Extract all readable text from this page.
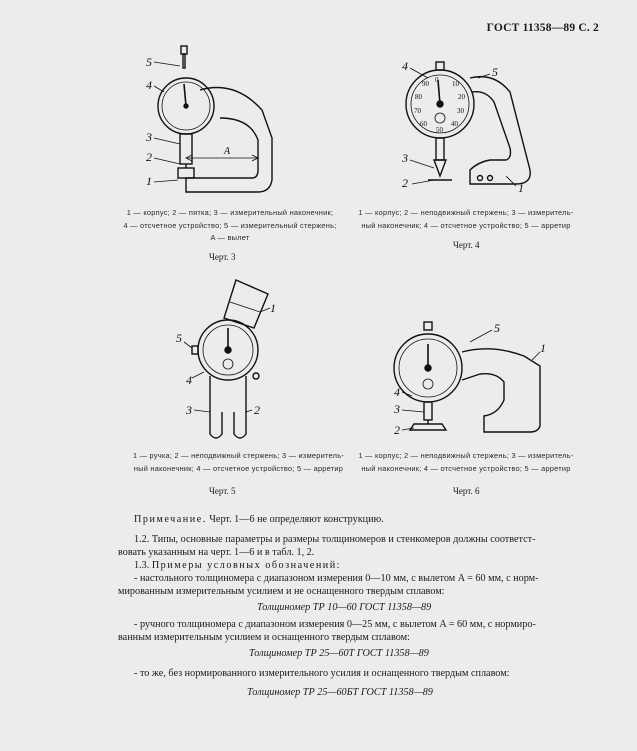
ГОСТ 11358—89 С. 2
5
4
3
2
1
A
1 — корпус; 2 — пятка; 3 — измерительный наконечник;
4 — отсчетное устройство; 5 — измерительный стержень;
A — вылет
Черт. 3
0 10
20
30
40
50
60
70
80
90
4	5
3
2	1
1 — корпус; 2 — неподвижный стержень; 3 — измеритель-
ный наконечник; 4 — отсчетное устройство; 5 — арретир
Черт. 4
1
5
4
3	2
1 — ручка; 2 — неподвижный стержень; 3 — измеритель-
ный наконечник; 4 — отсчетное устройство; 5 — арретир
Черт. 5
5
1
4
3
2
1 — корпус; 2 — неподвижный стержень; 3 — измеритель-
ный наконечник; 4 — отсчетное устройство; 5 — арретир
Черт. 6
Примечание. Черт. 1—6 не определяют конструкцию.
1.2. Типы, основные параметры и размеры толщиномеров и стенкомеров должны соответст-
вовать указанным на черт. 1—6 и в табл. 1, 2.
1.3. Примеры условных обозначений:
- настольного толщиномера с диапазоном измерения 0—10 мм, с вылетом A = 60 мм, с норм-
мированным измерительным усилием и не оснащенного твердым сплавом:
Толщиномер ТР 10—60 ГОСТ 11358—89
- ручного толщиномера с диапазоном измерения 0—25 мм, с вылетом A = 60 мм, с нормиро-
ванным измерительным усилием и оснащенного твердым сплавом:
Толщиномер ТР 25—60Т ГОСТ 11358—89
- то же, без нормированного измерительного усилия и оснащенного твердым сплавом:
Толщиномер ТР 25—60БТ ГОСТ 11358—89
